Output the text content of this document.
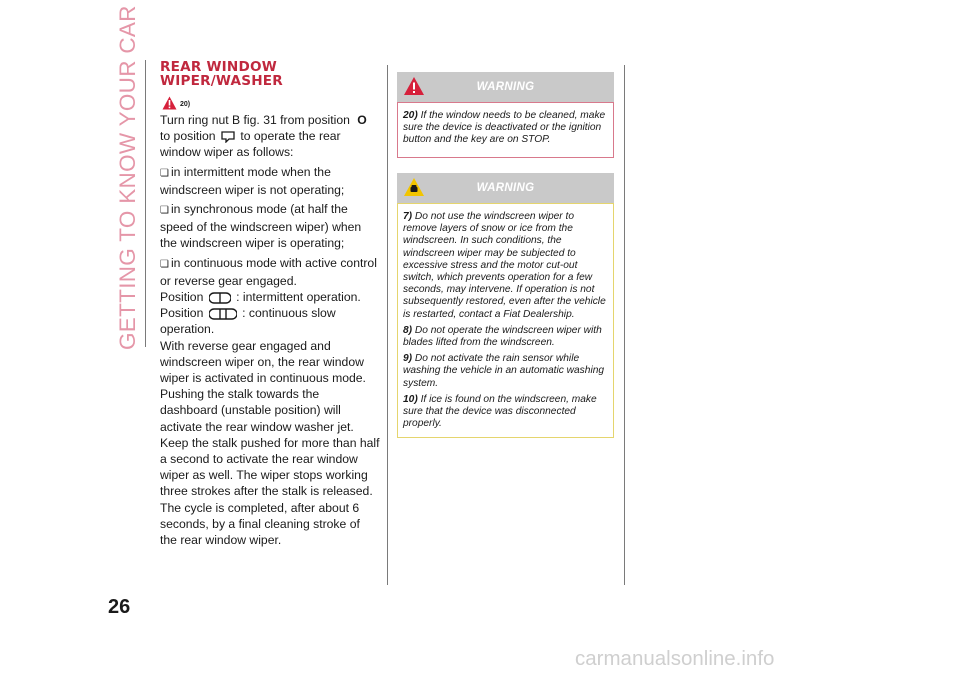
GETTING TO KNOW YOUR CAR REAR WINDOW
WIPER/WASHER
20)

Turn ring nut B fig. 31 from position O
to position to operate the rear window wiper as follows:

❏ in intermittent mode when the windscreen wiper is not operating;

❏ in synchronous mode (at half the speed of the windscreen wiper) when the windscreen wiper is operating;

❏ in continuous mode with active control or reverse gear engaged.

Position	: intermittent operation.

Position	: continuous slow operation.

With reverse gear engaged and windscreen wiper on, the rear window wiper is activated in continuous mode. Pushing the stalk towards the dashboard (unstable position) will activate the rear window washer jet. Keep the stalk pushed for more than half a second to activate the rear window wiper as well. The wiper stops working three strokes after the stalk is released. The cycle is completed, after about 6 seconds, by a final cleaning stroke of the rear window wiper.

WARNING

20) If the window needs to be cleaned, make sure the device is deactivated or the ignition button and the key are on STOP.

WARNING

7) Do not use the windscreen wiper to remove layers of snow or ice from the windscreen. In such conditions, the windscreen wiper may be subjected to excessive stress and the motor cut-out switch, which prevents operation for a few seconds, may intervene. If operation is not subsequently restored, even after the vehicle is restarted, contact a Fiat Dealership.

8) Do not operate the windscreen wiper with blades lifted from the windscreen.

9) Do not activate the rain sensor while washing the vehicle in an automatic washing system.

10) If ice is found on the windscreen, make sure that the device was disconnected properly.

26
carmanualsonline.info
